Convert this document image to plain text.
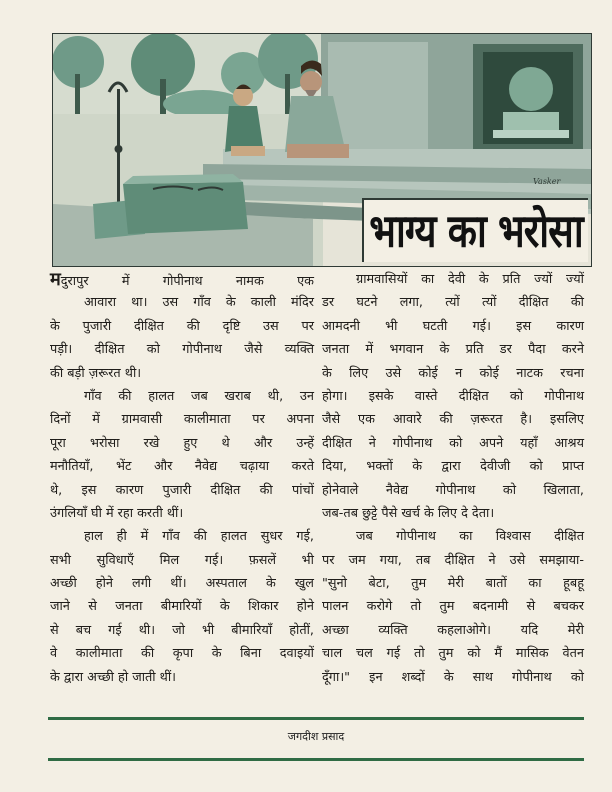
Vasker
भाग्य का भरोसा
मदुरापुर में गोपीनाथ नामक एक
आवारा था। उस गाँव के काली मंदिर
के पुजारी दीक्षित की दृष्टि उस पर
पड़ी। दीक्षित को गोपीनाथ जैसे व्यक्ति
की बड़ी ज़रूरत थी।
गाँव की हालत जब खराब थी, उन
दिनों में ग्रामवासी कालीमाता पर अपना
पूरा भरोसा रखे हुए थे और उन्हें
मनौतियाँ, भेंट और नैवेद्य चढ़ाया करते
थे, इस कारण पुजारी दीक्षित की पांचों
उंगलियाँ घी में रहा करती थीं।
हाल ही में गाँव की हालत सुधर गई,
सभी सुविधाएँ मिल गई। फ़सलें भी
अच्छी होने लगी थीं। अस्पताल के खुल
जाने से जनता बीमारियों के शिकार होने
से बच गई थी। जो भी बीमारियाँ होतीं,
वे कालीमाता की कृपा के बिना दवाइयों
के द्वारा अच्छी हो जाती थीं।
ग्रामवासियों का देवी के प्रति ज्यों ज्यों
डर घटने लगा, त्यों त्यों दीक्षित की
आमदनी भी घटती गई। इस कारण
जनता में भगवान के प्रति डर पैदा करने
के लिए उसे कोई न कोई नाटक रचना
होगा। इसके वास्ते दीक्षित को गोपीनाथ
जैसे एक आवारे की ज़रूरत है। इसलिए
दीक्षित ने गोपीनाथ को अपने यहाँ आश्रय
दिया, भक्तों के द्वारा देवीजी को प्राप्त
होनेवाले नैवेद्य गोपीनाथ को खिलाता,
जब-तब छुट्टे पैसे खर्च के लिए दे देता।
जब गोपीनाथ का विश्वास दीक्षित
पर जम गया, तब दीक्षित ने उसे समझाया-
"सुनो बेटा, तुम मेरी बातों का हूबहू
पालन करोगे तो तुम बदनामी से बचकर
अच्छा व्यक्ति कहलाओगे। यदि मेरी
चाल चल गई तो तुम को मैं मासिक वेतन
दूँगा।" इन शब्दों के साथ गोपीनाथ को
जगदीश प्रसाद
